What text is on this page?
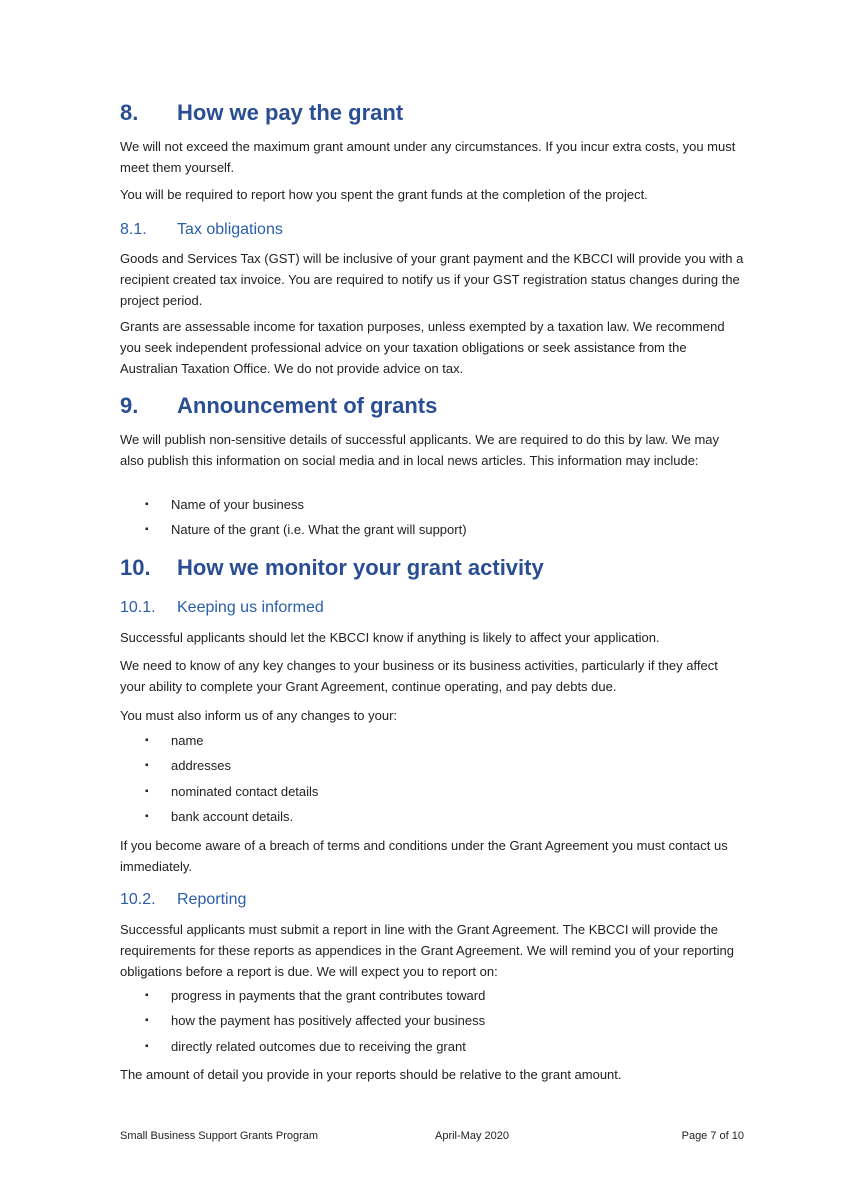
8. How we pay the grant
We will not exceed the maximum grant amount under any circumstances. If you incur extra costs, you must meet them yourself.
You will be required to report how you spent the grant funds at the completion of the project.
8.1. Tax obligations
Goods and Services Tax (GST) will be inclusive of your grant payment and the KBCCI will provide you with a recipient created tax invoice. You are required to notify us if your GST registration status changes during the project period.
Grants are assessable income for taxation purposes, unless exempted by a taxation law. We recommend you seek independent professional advice on your taxation obligations or seek assistance from the Australian Taxation Office. We do not provide advice on tax.
9. Announcement of grants
We will publish non-sensitive details of successful applicants. We are required to do this by law. We may also publish this information on social media and in local news articles. This information may include:
▪ Name of your business
▪ Nature of the grant (i.e. What the grant will support)
10. How we monitor your grant activity
10.1. Keeping us informed
Successful applicants should let the KBCCI know if anything is likely to affect your application.
We need to know of any key changes to your business or its business activities, particularly if they affect your ability to complete your Grant Agreement, continue operating, and pay debts due.
You must also inform us of any changes to your:
▪ name
▪ addresses
▪ nominated contact details
▪ bank account details.
If you become aware of a breach of terms and conditions under the Grant Agreement you must contact us immediately.
10.2. Reporting
Successful applicants must submit a report in line with the Grant Agreement. The KBCCI will provide the requirements for these reports as appendices in the Grant Agreement. We will remind you of your reporting obligations before a report is due. We will expect you to report on:
▪ progress in payments that the grant contributes toward
▪ how the payment has positively affected your business
▪ directly related outcomes due to receiving the grant
The amount of detail you provide in your reports should be relative to the grant amount.
Small Business Support Grants Program	April-May 2020	Page 7 of 10
